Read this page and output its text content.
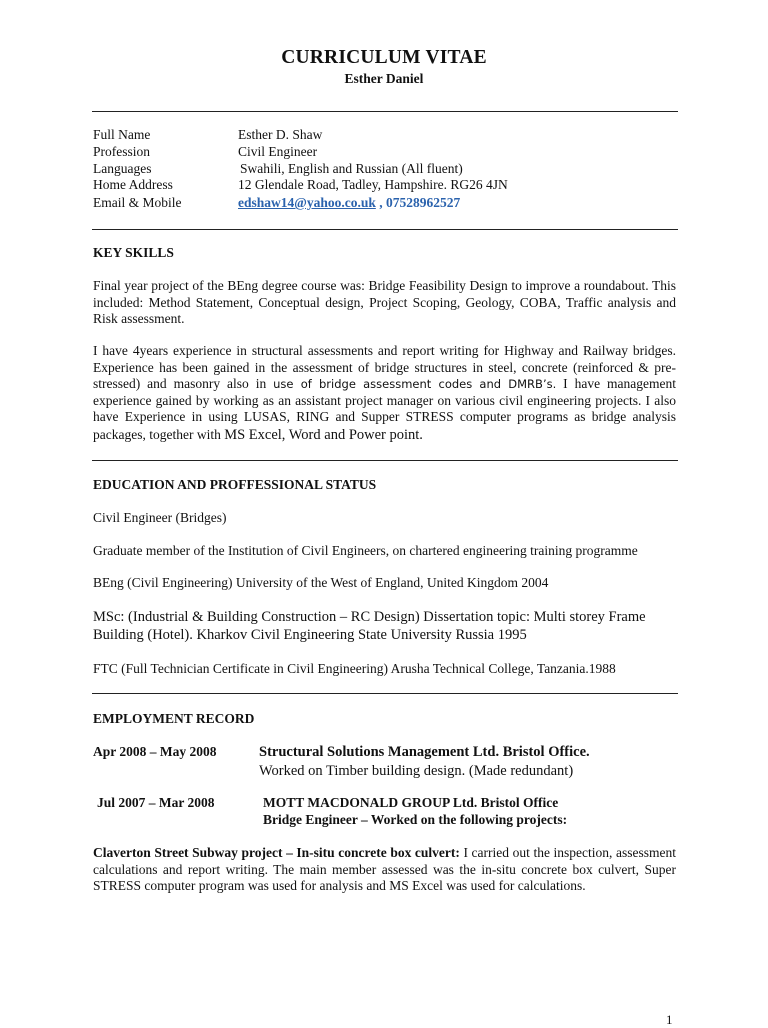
CURRICULUM VITAE
Esther Daniel
Full Name	Esther D. Shaw
Profession	Civil Engineer
Languages	Swahili, English and Russian (All fluent)
Home Address	12 Glendale Road, Tadley, Hampshire. RG26 4JN
Email & Mobile	edshaw14@yahoo.co.uk , 07528962527
KEY SKILLS
Final year project of the BEng degree course was: Bridge Feasibility Design to improve a roundabout. This included: Method Statement, Conceptual design, Project Scoping, Geology, COBA, Traffic analysis and Risk assessment.
I have 4years experience in structural assessments and report writing for Highway and Railway bridges. Experience has been gained in the assessment of bridge structures in steel, concrete (reinforced & pre-stressed) and masonry also in use of bridge assessment codes and DMRB’s. I have management experience gained by working as an assistant project manager on various civil engineering projects. I also have Experience in using LUSAS, RING and Supper STRESS computer programs as bridge analysis packages, together with MS Excel, Word and Power point.
EDUCATION AND PROFFESSIONAL STATUS
Civil Engineer (Bridges)
Graduate member of the Institution of Civil Engineers, on chartered engineering training programme
BEng (Civil Engineering) University of the West of England, United Kingdom 2004
MSc: (Industrial & Building Construction – RC Design) Dissertation topic: Multi storey Frame Building (Hotel). Kharkov Civil Engineering State University Russia 1995
FTC (Full Technician Certificate in Civil Engineering) Arusha Technical College, Tanzania.1988
EMPLOYMENT RECORD
Apr 2008 – May 2008	Structural Solutions Management Ltd. Bristol Office.
Worked on Timber building design. (Made redundant)
Jul 2007 – Mar 2008	MOTT MACDONALD GROUP Ltd. Bristol Office
Bridge Engineer – Worked on the following projects:
Claverton Street Subway project – In-situ concrete box culvert: I carried out the inspection, assessment calculations and report writing. The main member assessed was the in-situ concrete box culvert, Super STRESS computer program was used for analysis and MS Excel was used for calculations.
1
